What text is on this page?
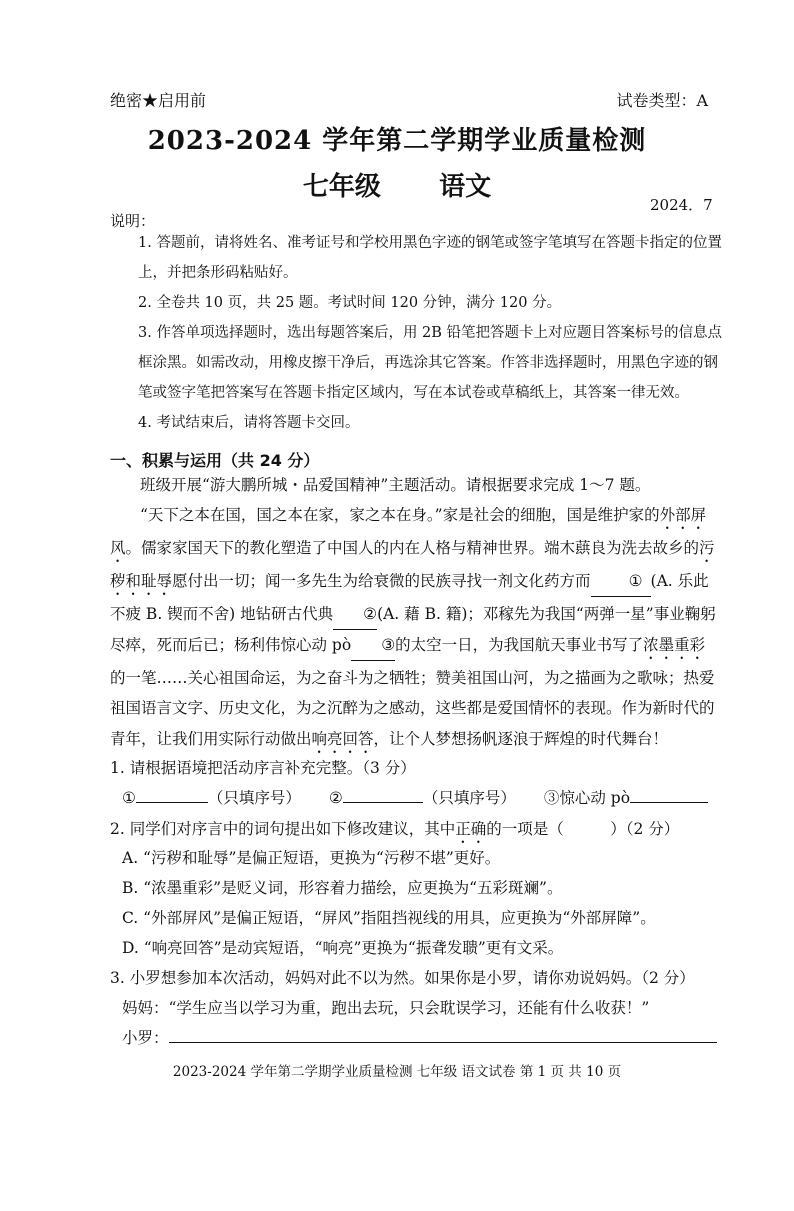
绝密★启用前	试卷类型：A
2023-2024 学年第二学期学业质量检测
七年级 语文
2024．7
说明：
1. 答题前，请将姓名、准考证号和学校用黑色字迹的钢笔或签字笔填写在答题卡指定的位置上，并把条形码粘贴好。
2. 全卷共 10 页，共 25 题。考试时间 120 分钟，满分 120 分。
3. 作答单项选择题时，选出每题答案后，用 2B 铅笔把答题卡上对应题目答案标号的信息点框涂黑。如需改动，用橡皮擦干净后，再选涂其它答案。作答非选择题时，用黑色字迹的钢笔或签字笔把答案写在答题卡指定区域内，写在本试卷或草稿纸上，其答案一律无效。
4. 考试结束后，请将答题卡交回。
一、积累与运用（共 24 分）
班级开展“游大鹏所城・品爱国精神”主题活动。请根据要求完成 1～7 题。
“天下之本在国，国之本在家，家之本在身。”家是社会的细胞，国是维护家的外部屏风。儒家家国天下的教化塑造了中国人的内在人格与精神世界。端木蕻良为洗去故乡的污秽和耻辱愿付出一切；闻一多先生为给衰微的民族寻找一剂文化药方而 ① (A. 乐此不疲 B. 锲而不舍) 地钻研古代典 ②(A. 藉 B. 籍)；邓稼先为我国“两弹一星”事业鞠躬尽瘁，死而后已；杨利伟惊心动 pò ③的太空一日，为我国航天事业书写了浓墨重彩的一笔……关心祖国命运，为之奋斗为之牺牲；赞美祖国山河，为之描画为之歌咏；热爱祖国语言文字、历史文化，为之沉醉为之感动，这些都是爱国情怀的表现。作为新时代的青年，让我们用实际行动做出响亮回答，让个人梦想扬帆逐浪于辉煌的时代舞台！
1. 请根据语境把活动序言补充完整。（3 分）
①	（只填序号） ②	（只填序号） ③惊心动 pò
2. 同学们对序言中的词句提出如下修改建议，其中正确的一项是（　　　）（2 分）
A. “污秽和耻辱”是偏正短语，更换为“污秽不堪”更好。
B. “浓墨重彩”是贬义词，形容着力描绘，应更换为“五彩斑斓”。
C. “外部屏风”是偏正短语，“屏风”指阻挡视线的用具，应更换为“外部屏障”。
D. “响亮回答”是动宾短语，“响亮”更换为“振聋发聩”更有文采。
3. 小罗想参加本次活动，妈妈对此不以为然。如果你是小罗，请你劝说妈妈。（2 分）
妈妈：“学生应当以学习为重，跑出去玩，只会耽误学习，还能有什么收获！”
小罗：
2023-2024 学年第二学期学业质量检测 七年级 语文试卷 第 1 页 共 10 页
